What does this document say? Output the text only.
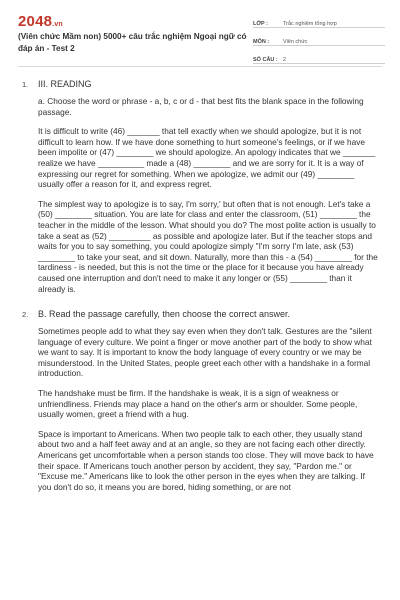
2048.vn
(Viên chức Mầm non) 5000+ câu trắc nghiệm Ngoại ngữ có đáp án - Test 2
LỚP :	Trắc nghiệm tổng hợp
MÔN :	Viên chức
SỐ CÂU : 2
1. III. READING

a. Choose the word or phrase - a, b, c or d - that best fits the blank space in the following passage.

It is difficult to write (46) _______ that tell exactly when we should apologize, but it is not difficult to learn how. If we have done something to hurt someone's feelings, or if we have been impolite or (47) ________ we should apologize. An apology indicates that we _______ realize we have __________ made a (48) ________ and we are sorry for it. It is a way of expressing our regret for something. When we apologize, we admit our (49) ________ usually offer a reason for it, and express regret.

The simplest way to apologize is to say, I'm sorry,' but often that is not enough. Let's take a (50) ________ situation. You are late for class and enter the classroom, (51) ________ the teacher in the middle of the lesson. What should you do? The most polite action is usually to take a seat as (52) _________ as possible and apologize later. But if the teacher stops and waits for you to say something, you could apologize simply "I'm sorry I'm late, ask (53) ________ to take your seat, and sit down. Naturally, more than this - a (54) ________ for the tardiness - is needed, but this is not the time or the place for it because you have already caused one interruption and don't need to make it any longer or (55) ________ than it already is.

2. B. Read the passage carefully, then choose the correct answer.

Sometimes people add to what they say even when they don't talk. Gestures are the "silent language of every culture. We point a finger or move another part of the body to show what we want to say. It is important to know the body language of every country or we may be misunderstood. In the United States, people greet each other with a handshake in a formal introduction.

The handshake must be firm. If the handshake is weak, it is a sign of weakness or unfriendliness. Friends may place a hand on the other's arm or shoulder. Some people, usually women, greet a friend with a hug.

Space is important to Americans. When two people talk to each other, they usually stand about two and a half feet away and at an angle, so they are not facing each other directly. Americans get uncomfortable when a person stands too close. They will move back to have their space. If Americans touch another person by accident, they say, "Pardon me." or "Excuse me." Americans like to look the other person in the eyes when they are talking. If you don't do so, it means you are bored, hiding something, or are not
